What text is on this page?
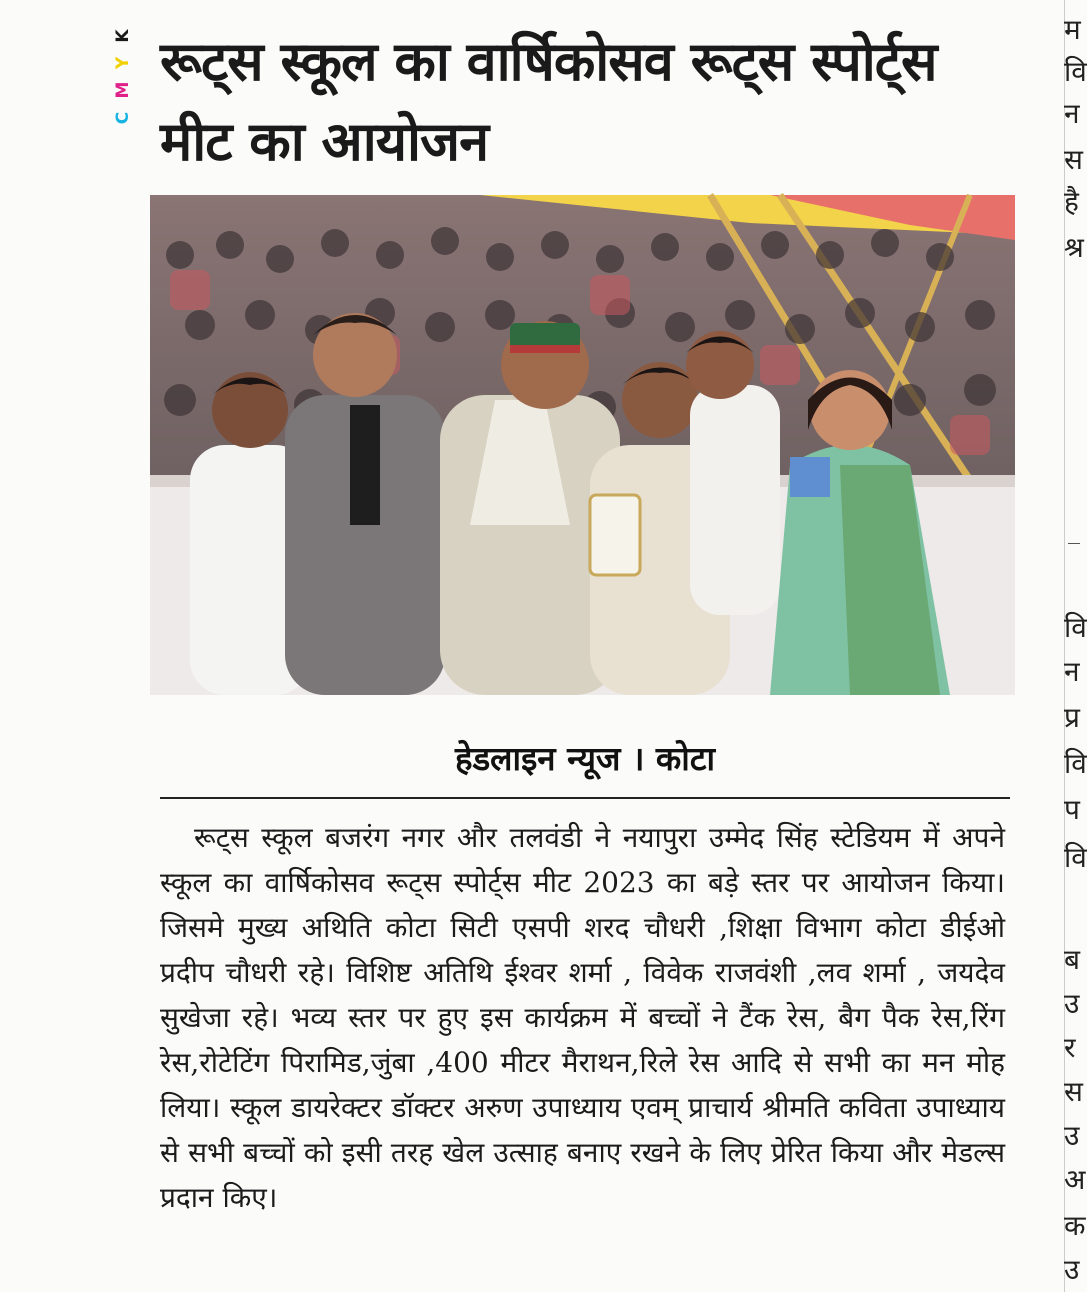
C
M
Y
K रूट्स स्कूल का वार्षिकोसव रूट्स स्पोर्ट्स मीट का आयोजन
हेडलाइन न्यूज । कोटा

रूट्स स्कूल बजरंग नगर और तलवंडी ने नयापुरा उम्मेद सिंह स्टेडियम में अपने स्कूल का वार्षिकोसव रूट्स स्पोर्ट्स मीट 2023 का बड़े स्तर पर आयोजन किया। जिसमे मुख्य अथिति कोटा सिटी एसपी शरद चौधरी ,शिक्षा विभाग कोटा डीईओ प्रदीप चौधरी रहे। विशिष्ट अतिथि ईश्वर शर्मा , विवेक राजवंशी ,लव शर्मा , जयदेव सुखेजा रहे। भव्य स्तर पर हुए इस कार्यक्रम में बच्चों ने टैंक रेस, बैग पैक रेस,रिंग रेस,रोटेटिंग पिरामिड,जुंबा ,400 मीटर मैराथन,रिले रेस आदि से सभी का मन मोह लिया। स्कूल डायरेक्टर डॉक्टर अरुण उपाध्याय एवम् प्राचार्य श्रीमति कविता उपाध्याय से सभी बच्चों को इसी तरह खेल उत्साह बनाए रखने के लिए प्रेरित किया और मेडल्स प्रदान किए।

म
वि
न
स
है
श्र
वि
न
प्र
वि
प
वि
ब
उ
र
स
उ
अ
क
उ
